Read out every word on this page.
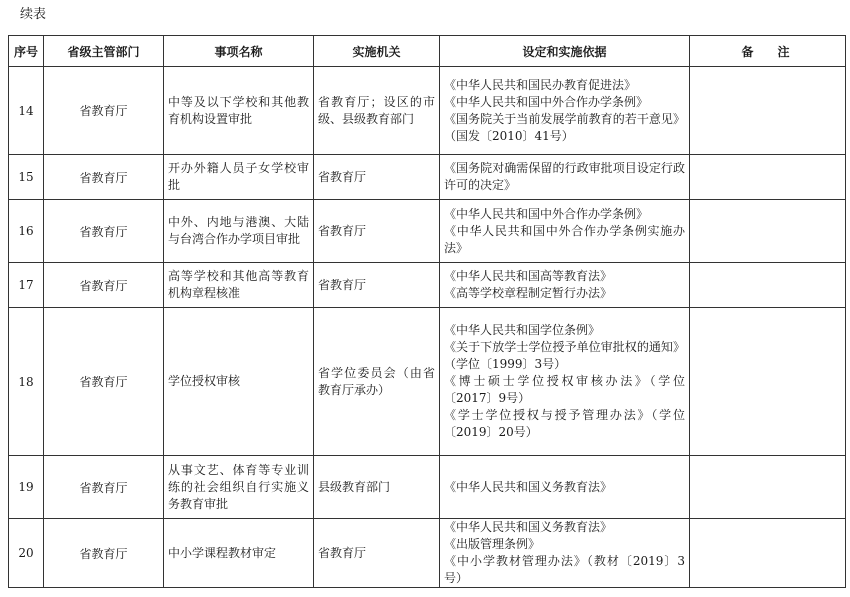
续表
序号	省级主管部门	事项名称	实施机关	设定和实施依据	备注
14	省教育厅	中等及以下学校和其他教育机构设置审批	省教育厅；设区的市级、县级教育部门	《中华人民共和国民办教育促进法》
《中华人民共和国中外合作办学条例》
《国务院关于当前发展学前教育的若干意见》（国发〔2010〕41号）	

15	省教育厅	开办外籍人员子女学校审批	省教育厅	《国务院对确需保留的行政审批项目设定行政许可的决定》	

16	省教育厅	中外、内地与港澳、大陆与台湾合作办学项目审批	省教育厅	《中华人民共和国中外合作办学条例》
《中华人民共和国中外合作办学条例实施办法》	

17	省教育厅	高等学校和其他高等教育机构章程核准	省教育厅	《中华人民共和国高等教育法》
《高等学校章程制定暂行办法》	

18	省教育厅	学位授权审核	省学位委员会（由省教育厅承办）	《中华人民共和国学位条例》
《关于下放学士学位授予单位审批权的通知》（学位〔1999〕3号）
《博士硕士学位授权审核办法》（学位〔2017〕9号）
《学士学位授权与授予管理办法》（学位〔2019〕20号）	

19	省教育厅	从事文艺、体育等专业训练的社会组织自行实施义务教育审批	县级教育部门	《中华人民共和国义务教育法》	

20	省教育厅	中小学课程教材审定	省教育厅	《中华人民共和国义务教育法》
《出版管理条例》
《中小学教材管理办法》（教材〔2019〕3号）	
